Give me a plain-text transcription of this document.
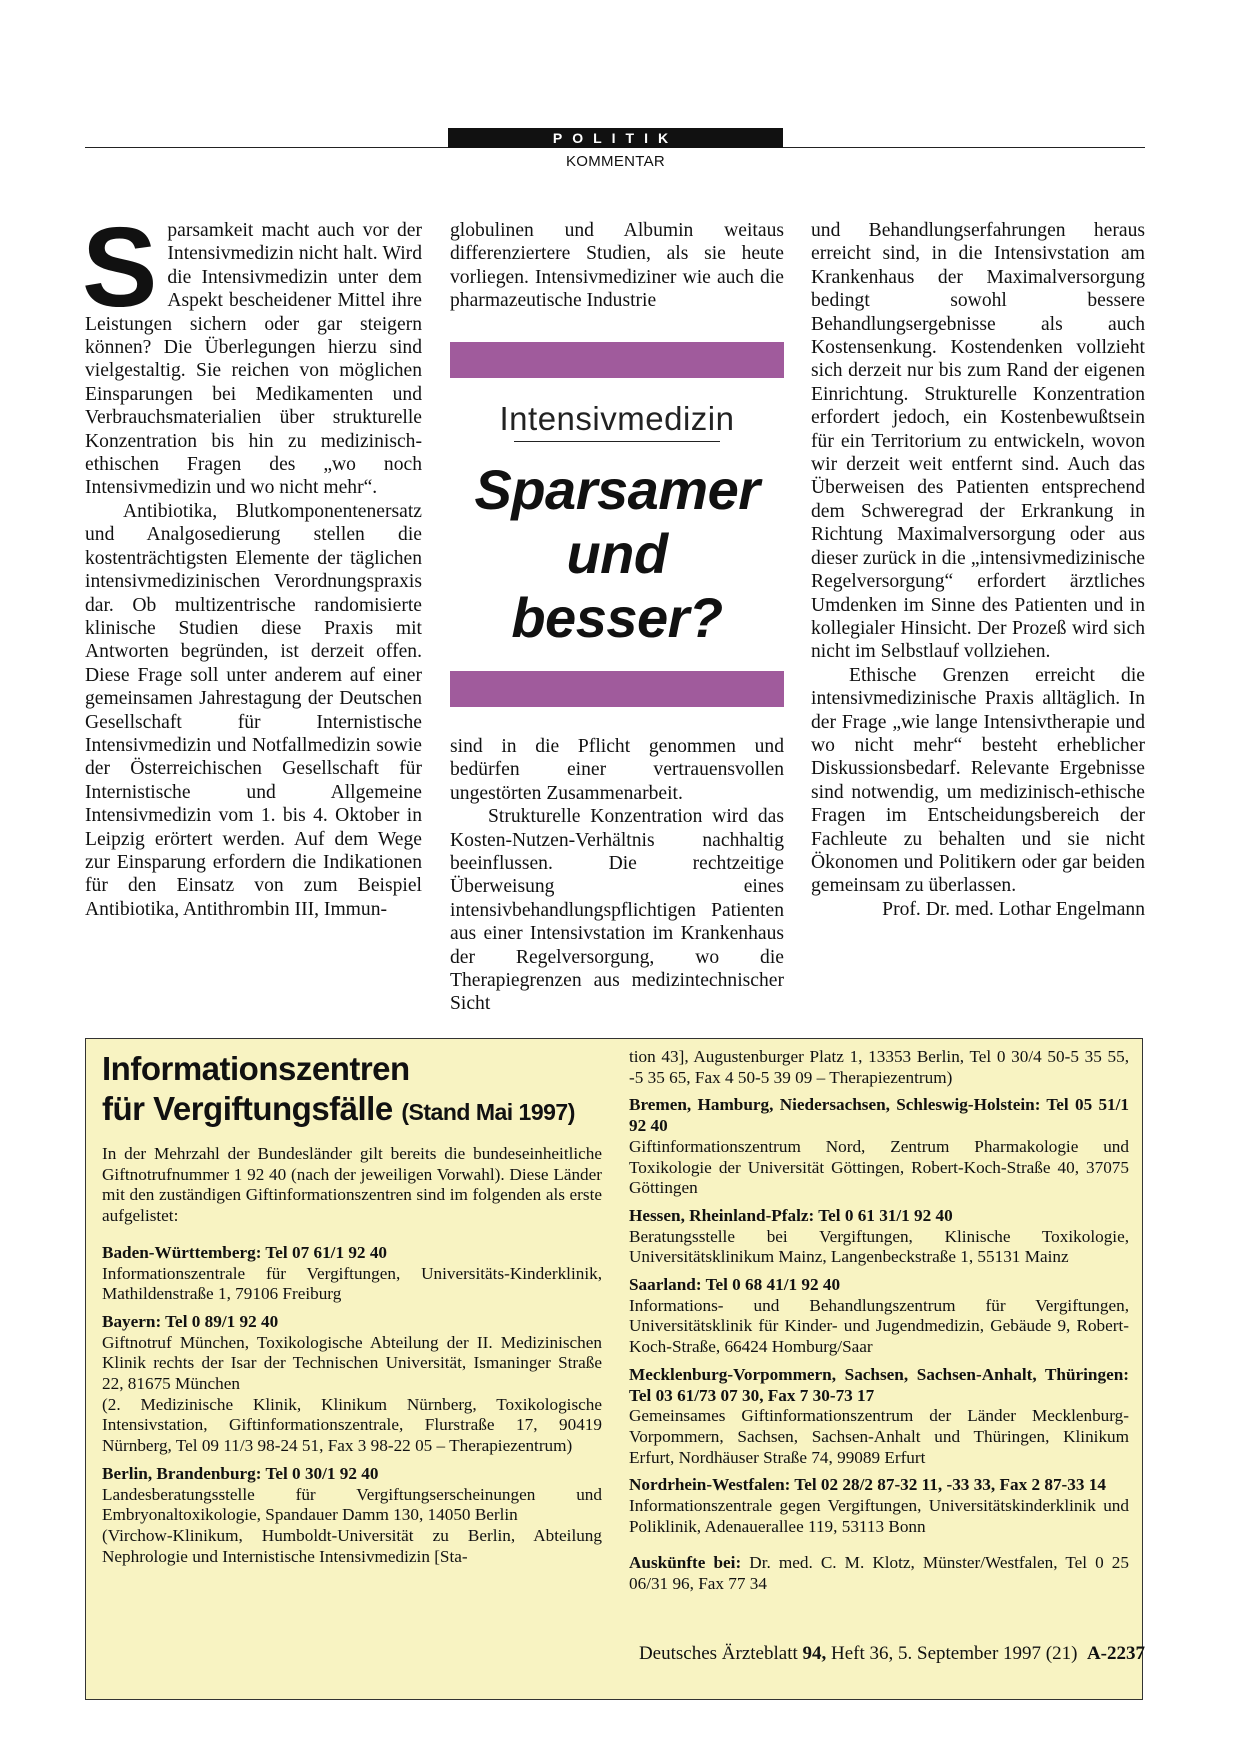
POLITIK
KOMMENTAR
S parsamkeit macht auch vor der Intensivmedizin nicht halt. Wird die Intensivmedizin unter dem Aspekt bescheidener Mittel ihre Leistungen sichern oder gar steigern können? Die Überlegungen hierzu sind vielgestaltig. Sie reichen von möglichen Einsparungen bei Medikamenten und Verbrauchsmaterialien über strukturelle Konzentration bis hin zu medizinisch-ethischen Fragen des „wo noch Intensivmedizin und wo nicht mehr“.

Antibiotika, Blutkomponentenersatz und Analgosedierung stellen die kostenträchtigsten Elemente der täglichen intensivmedizinischen Verordnungspraxis dar. Ob multizentrische randomisierte klinische Studien diese Praxis mit Antworten begründen, ist derzeit offen. Diese Frage soll unter anderem auf einer gemeinsamen Jahrestagung der Deutschen Gesellschaft für Internistische Intensivmedizin und Notfallmedizin sowie der Österreichischen Gesellschaft für Internistische und Allgemeine Intensivmedizin vom 1. bis 4. Oktober in Leipzig erörtert werden. Auf dem Wege zur Einsparung erfordern die Indikationen für den Einsatz von zum Beispiel Antibiotika, Antithrombin III, Immun-

globulinen und Albumin weitaus differenziertere Studien, als sie heute vorliegen. Intensivmediziner wie auch die pharmazeutische Industrie

Intensivmedizin
Sparsamer
und
besser?

sind in die Pflicht genommen und bedürfen einer vertrauensvollen ungestörten Zusammenarbeit.

Strukturelle Konzentration wird das Kosten-Nutzen-Verhältnis nachhaltig beeinflussen. Die rechtzeitige Überweisung eines intensivbehandlungspflichtigen Patienten aus einer Intensivstation im Krankenhaus der Regelversorgung, wo die Therapiegrenzen aus medizintechnischer Sicht

und Behandlungserfahrungen heraus erreicht sind, in die Intensivstation am Krankenhaus der Maximalversorgung bedingt sowohl bessere Behandlungsergebnisse als auch Kostensenkung. Kostendenken vollzieht sich derzeit nur bis zum Rand der eigenen Einrichtung. Strukturelle Konzentration erfordert jedoch, ein Kostenbewußtsein für ein Territorium zu entwickeln, wovon wir derzeit weit entfernt sind. Auch das Überweisen des Patienten entsprechend dem Schweregrad der Erkrankung in Richtung Maximalversorgung oder aus dieser zurück in die „intensivmedizinische Regelversorgung“ erfordert ärztliches Umdenken im Sinne des Patienten und in kollegialer Hinsicht. Der Prozeß wird sich nicht im Selbstlauf vollziehen.

Ethische Grenzen erreicht die intensivmedizinische Praxis alltäglich. In der Frage „wie lange Intensivtherapie und wo nicht mehr“ besteht erheblicher Diskussionsbedarf. Relevante Ergebnisse sind notwendig, um medizinisch-ethische Fragen im Entscheidungsbereich der Fachleute zu behalten und sie nicht Ökonomen und Politikern oder gar beiden gemeinsam zu überlassen.

Prof. Dr. med. Lothar Engelmann

Informationszentren
für Vergiftungsfälle (Stand Mai 1997)

In der Mehrzahl der Bundesländer gilt bereits die bundeseinheitliche Giftnotrufnummer 1 92 40 (nach der jeweiligen Vorwahl). Diese Länder mit den zuständigen Giftinformationszentren sind im folgenden als erste aufgelistet:

Baden-Württemberg: Tel 07 61/1 92 40

Informationszentrale für Vergiftungen, Universitäts-Kinderklinik, Mathildenstraße 1, 79106 Freiburg

Bayern: Tel 0 89/1 92 40

Giftnotruf München, Toxikologische Abteilung der II. Medizinischen Klinik rechts der Isar der Technischen Universität, Ismaninger Straße 22, 81675 München

(2. Medizinische Klinik, Klinikum Nürnberg, Toxikologische Intensivstation, Giftinformationszentrale, Flurstraße 17, 90419 Nürnberg, Tel 09 11/3 98-24 51, Fax 3 98-22 05 – Therapiezentrum)

Berlin, Brandenburg: Tel 0 30/1 92 40

Landesberatungsstelle für Vergiftungserscheinungen und Embryonaltoxikologie, Spandauer Damm 130, 14050 Berlin

(Virchow-Klinikum, Humboldt-Universität zu Berlin, Abteilung Nephrologie und Internistische Intensivmedizin [Sta-

tion 43], Augustenburger Platz 1, 13353 Berlin, Tel 0 30/4 50-5 35 55, -5 35 65, Fax 4 50-5 39 09 – Therapiezentrum)

Bremen, Hamburg, Niedersachsen, Schleswig-Holstein: Tel 05 51/1 92 40

Giftinformationszentrum Nord, Zentrum Pharmakologie und Toxikologie der Universität Göttingen, Robert-Koch-Straße 40, 37075 Göttingen

Hessen, Rheinland-Pfalz: Tel 0 61 31/1 92 40

Beratungsstelle bei Vergiftungen, Klinische Toxikologie, Universitätsklinikum Mainz, Langenbeckstraße 1, 55131 Mainz

Saarland: Tel 0 68 41/1 92 40

Informations- und Behandlungszentrum für Vergiftungen, Universitätsklinik für Kinder- und Jugendmedizin, Gebäude 9, Robert-Koch-Straße, 66424 Homburg/Saar

Mecklenburg-Vorpommern, Sachsen, Sachsen-Anhalt, Thüringen: Tel 03 61/73 07 30, Fax 7 30-73 17

Gemeinsames Giftinformationszentrum der Länder Mecklenburg-Vorpommern, Sachsen, Sachsen-Anhalt und Thüringen, Klinikum Erfurt, Nordhäuser Straße 74, 99089 Erfurt

Nordrhein-Westfalen: Tel 02 28/2 87-32 11, -33 33, Fax 2 87-33 14

Informationszentrale gegen Vergiftungen, Universitätskinderklinik und Poliklinik, Adenauerallee 119, 53113 Bonn

Auskünfte bei: Dr. med. C. M. Klotz, Münster/Westfalen, Tel 0 25 06/31 96, Fax 77 34

Deutsches Ärzteblatt 94, Heft 36, 5. September 1997 (21) A-2237
